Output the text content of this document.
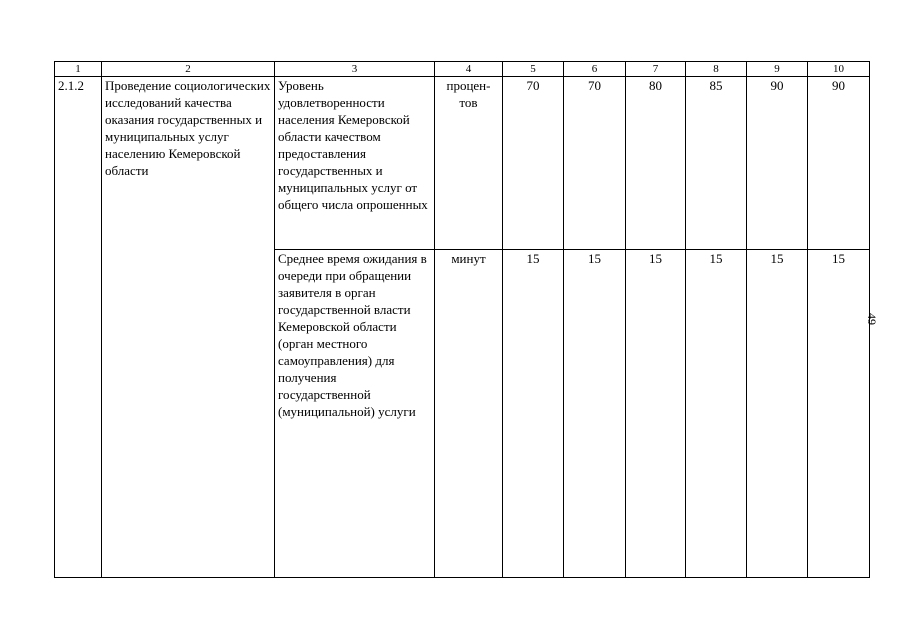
1	2	3	4	5	6	7	8	9	10
2.1.2	Проведение социологических исследований качества оказания государственных и муниципальных услуг населению Кемеровской области	Уровень удовлетворенности населения Кемеровской области качеством предоставления государственных и муниципальных услуг от общего числа опрошенных	процен-тов	70	70	80	85	90	90
		Среднее время ожидания в очереди при обращении заявителя в орган государственной власти Кемеровской области (орган местного самоуправления) для получения государственной (муниципальной) услуги	минут	15	15	15	15	15	15
49
